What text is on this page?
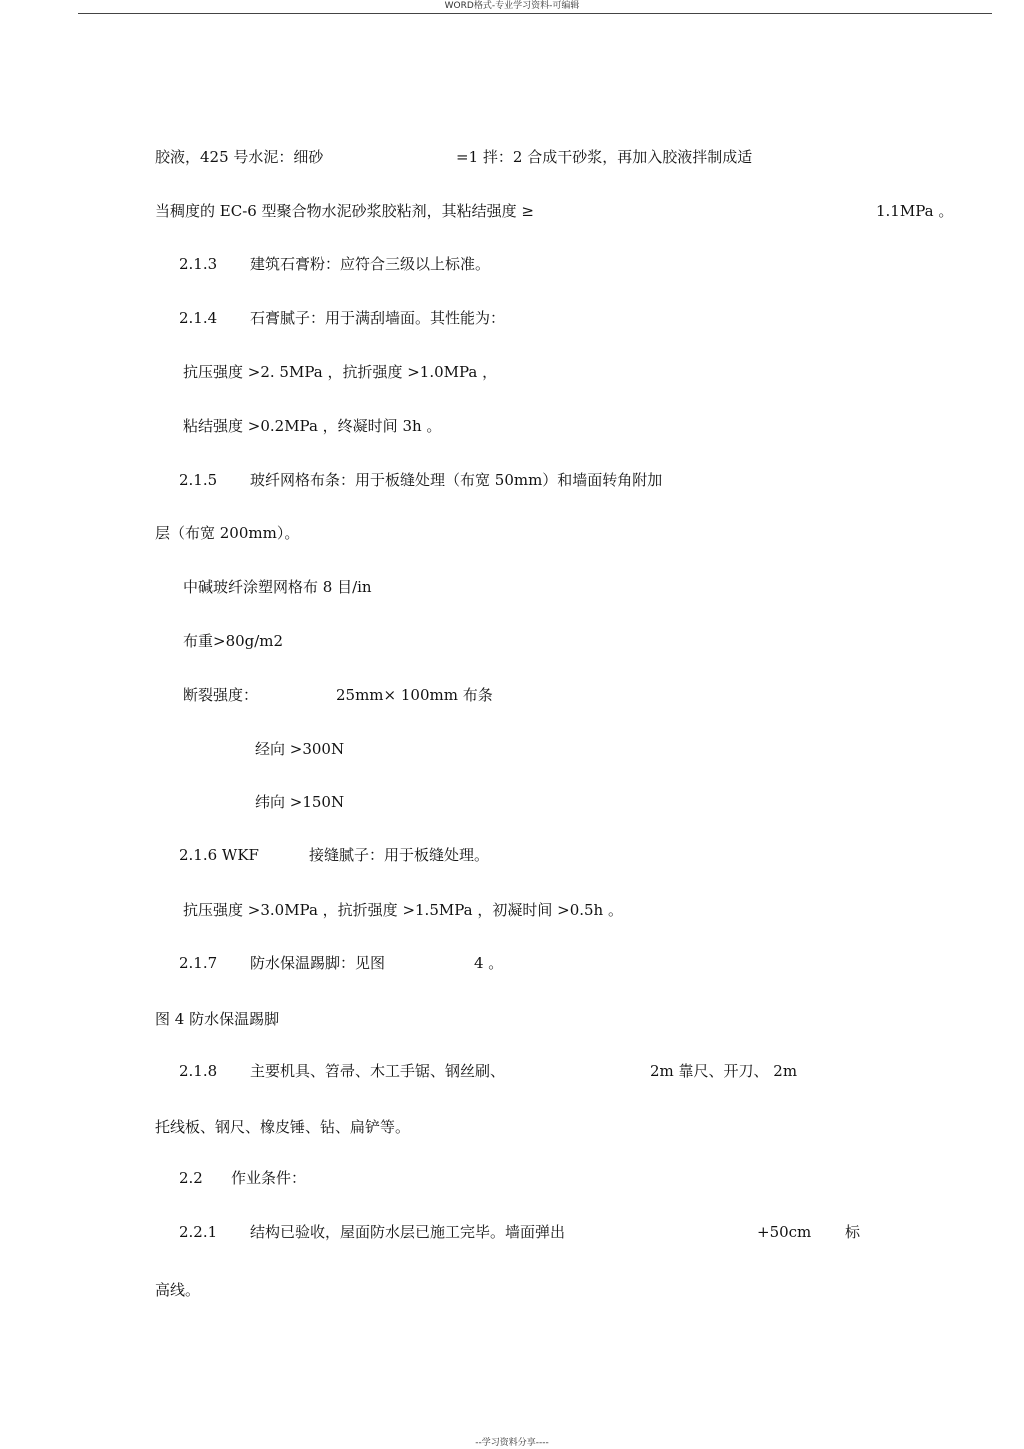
WORD格式-专业学习资料-可编辑
胶液，425 号水泥：细砂	=1 拌：2 合成干砂浆，再加入胶液拌制成适
当稠度的 EC-6 型聚合物水泥砂浆胶粘剂，其粘结强度 ≥	1.1MPa 。
2.1.3 建筑石膏粉：应符合三级以上标准。
2.1.4 石膏腻子：用于满刮墙面。其性能为：
抗压强度 >2. 5MPa ，抗折强度 >1.0MPa ，
粘结强度 >0.2MPa ，终凝时间 3h 。
2.1.5 玻纤网格布条：用于板缝处理（布宽 50mm）和墙面转角附加
层（布宽 200mm）。
中碱玻纤涂塑网格布 8 目/in
布重>80g/m2
断裂强度：	25mm× 100mm 布条
经向 >300N
纬向 >150N
2.1.6 WKF	接缝腻子：用于板缝处理。
抗压强度 >3.0MPa ，抗折强度 >1.5MPa ，初凝时间 >0.5h 。
2.1.7 防水保温踢脚：见图	4 。
图 4 防水保温踢脚
2.1.8 主要机具、笤帚、木工手锯、钢丝刷、	2m 靠尺、开刀、 2m
托线板、钢尺、橡皮锤、钻、扁铲等。
2.2 作业条件：
2.2.1 结构已验收，屋面防水层已施工完毕。墙面弹出	+50cm 标
高线。
--学习资料分享----
